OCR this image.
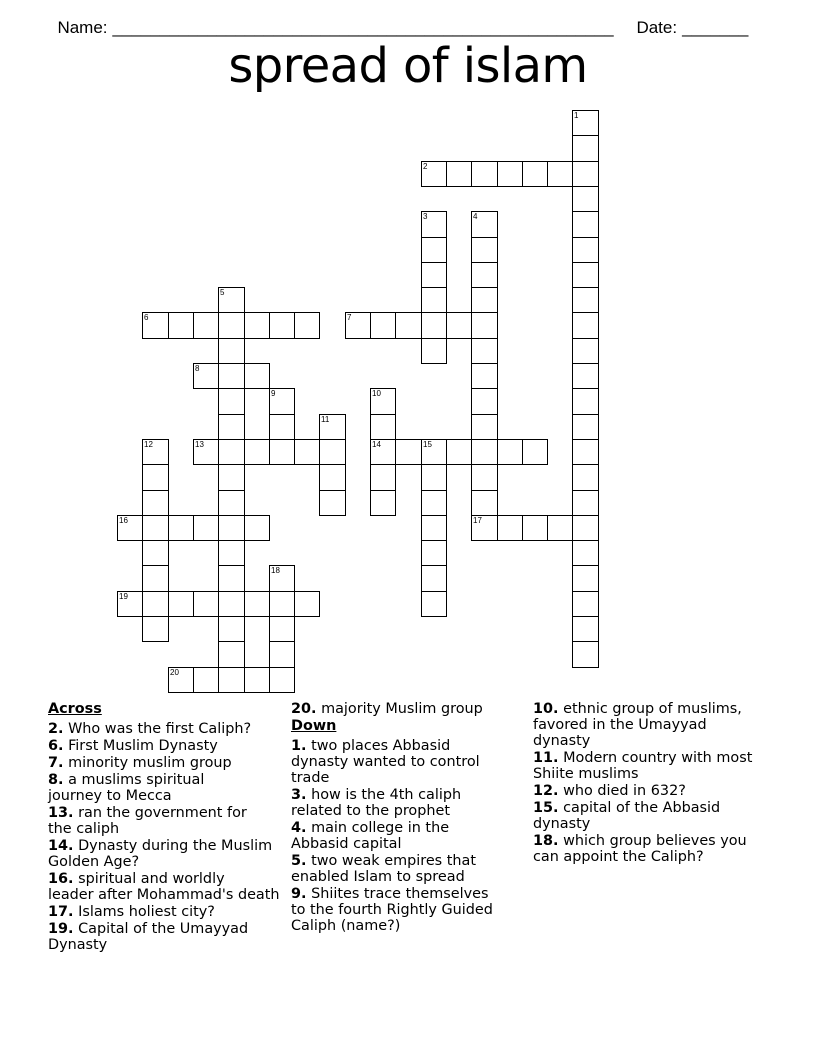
Name: _____________________________________________________	Date: _______

spread of islam
1
2
3	4
17
5
6	7
8
9	10
14
11
12	13	15
16
18
19
20
Across
2. Who was the first Caliph?
6. First Muslim Dynasty
7. minority muslim group
8. a muslims spiritual
journey to Mecca
13. ran the government for
the caliph
14. Dynasty during the Muslim
Golden Age?
16. spiritual and worldly
leader after Mohammad's death
17. Islams holiest city?
19. Capital of the Umayyad
Dynasty
20. majority Muslim group
Down
1. two places Abbasid
dynasty wanted to control
trade
3. how is the 4th caliph
related to the prophet
4. main college in the
Abbasid capital
5. two weak empires that
enabled Islam to spread
9. Shiites trace themselves
to the fourth Rightly Guided
Caliph (name?)
10. ethnic group of muslims,
favored in the Umayyad
dynasty
11. Modern country with most
Shiite muslims
12. who died in 632?
15. capital of the Abbasid
dynasty
18. which group believes you
can appoint the Caliph?
